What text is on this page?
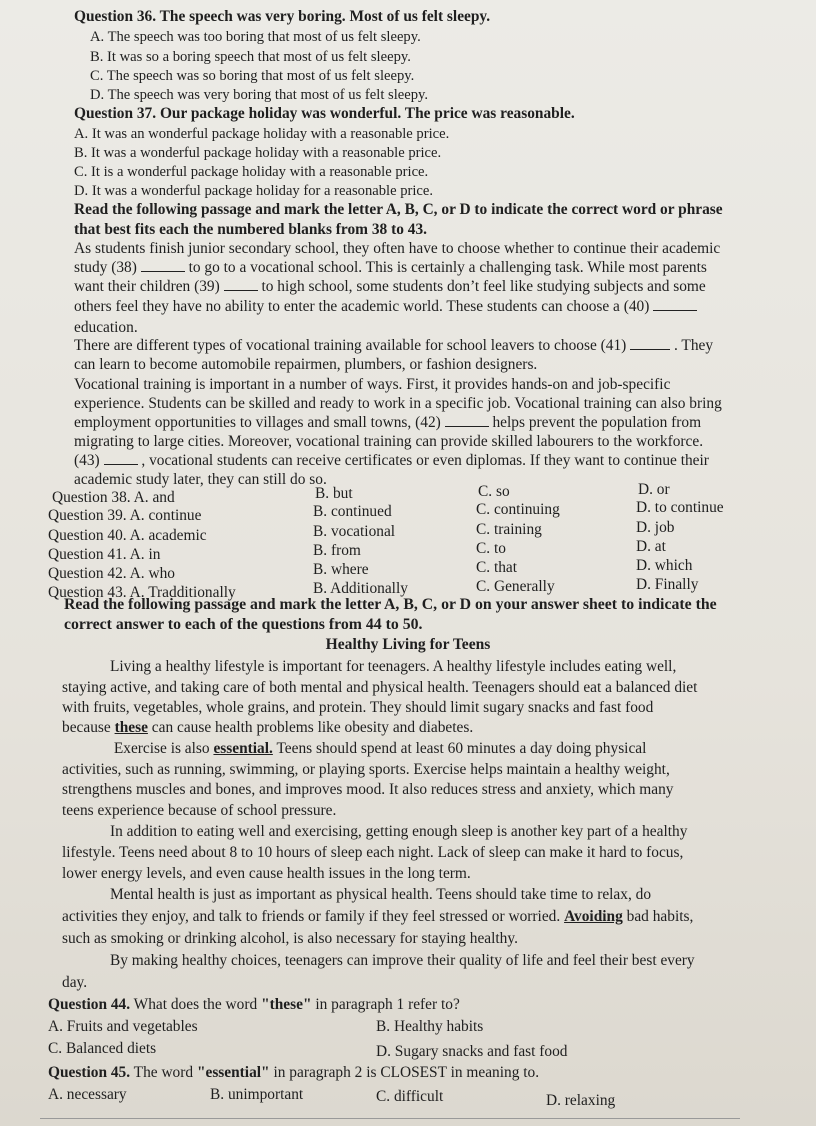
Question 36. The speech was very boring. Most of us felt sleepy.
A. The speech was too boring that most of us felt sleepy.
B. It was so a boring speech that most of us felt sleepy.
C. The speech was so boring that most of us felt sleepy.
D. The speech was very boring that most of us felt sleepy.
Question 37. Our package holiday was wonderful. The price was reasonable.
A. It was an wonderful package holiday with a reasonable price.
B. It was a wonderful package holiday with a reasonable price.
C. It is a wonderful package holiday with a reasonable price.
D. It was a wonderful package holiday for a reasonable price.
Read the following passage and mark the letter A, B, C, or D to indicate the correct word or phrase
that best fits each the numbered blanks from 38 to 43.
As students finish junior secondary school, they often have to choose whether to continue their academic
study (38)	to go to a vocational school. This is certainly a challenging task. While most parents
want their children (39)	to high school, some students don’t feel like studying subjects and some
others feel they have no ability to enter the academic world. These students can choose a (40)
education.
There are different types of vocational training available for school leavers to choose (41)	. They
can learn to become automobile repairmen, plumbers, or fashion designers.
Vocational training is important in a number of ways. First, it provides hands-on and job-specific
experience. Students can be skilled and ready to work in a specific job. Vocational training can also bring
employment opportunities to villages and small towns, (42)	helps prevent the population from
migrating to large cities. Moreover, vocational training can provide skilled labourers to the workforce.
(43)	, vocational students can receive certificates or even diplomas. If they want to continue their
academic study later, they can still do so.
Question 38. A. and	B. but	C. so	D. or
Question 39. A. continue	B. continued	C. continuing	D. to continue
Question 40. A. academic	B. vocational	C. training	D. job
Question 41. A. in	B. from	C. to	D. at
Question 42. A. who	B. where	C. that	D. which
Question 43. A. Tradditionally	B. Additionally	C. Generally	D. Finally
Read the following passage and mark the letter A, B, C, or D on your answer sheet to indicate the
correct answer to each of the questions from 44 to 50.
Healthy Living for Teens
Living a healthy lifestyle is important for teenagers. A healthy lifestyle includes eating well,
staying active, and taking care of both mental and physical health. Teenagers should eat a balanced diet
with fruits, vegetables, whole grains, and protein. They should limit sugary snacks and fast food
because these can cause health problems like obesity and diabetes.
Exercise is also essential. Teens should spend at least 60 minutes a day doing physical
activities, such as running, swimming, or playing sports. Exercise helps maintain a healthy weight,
strengthens muscles and bones, and improves mood. It also reduces stress and anxiety, which many
teens experience because of school pressure.
In addition to eating well and exercising, getting enough sleep is another key part of a healthy
lifestyle. Teens need about 8 to 10 hours of sleep each night. Lack of sleep can make it hard to focus,
lower energy levels, and even cause health issues in the long term.
Mental health is just as important as physical health. Teens should take time to relax, do
activities they enjoy, and talk to friends or family if they feel stressed or worried. Avoiding bad habits,
such as smoking or drinking alcohol, is also necessary for staying healthy.
By making healthy choices, teenagers can improve their quality of life and feel their best every
day.
Question 44. What does the word "these" in paragraph 1 refer to?
A. Fruits and vegetables	B. Healthy habits
C. Balanced diets	D. Sugary snacks and fast food
Question 45. The word "essential" in paragraph 2 is CLOSEST in meaning to.
A. necessary	B. unimportant	C. difficult	D. relaxing
